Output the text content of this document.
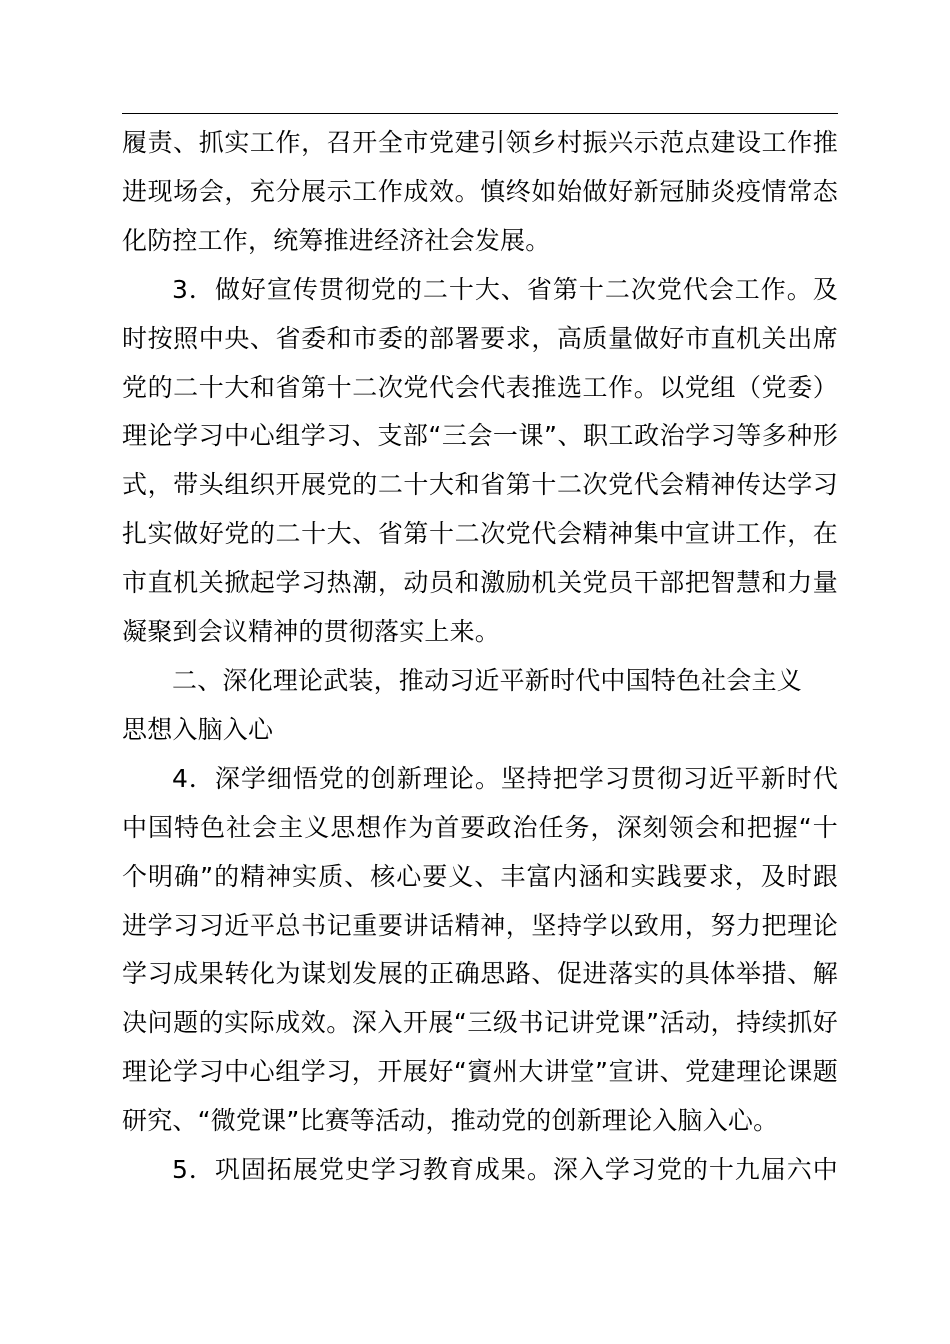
履责、抓实工作，召开全市党建引领乡村振兴示范点建设工作推
进现场会，充分展示工作成效。慎终如始做好新冠肺炎疫情常态
化防控工作，统筹推进经济社会发展。

3．做好宣传贯彻党的二十大、省第十二次党代会工作。及
时按照中央、省委和市委的部署要求，高质量做好市直机关出席
党的二十大和省第十二次党代会代表推选工作。以党组（党委）
理论学习中心组学习、支部“三会一课”、职工政治学习等多种形
式，带头组织开展党的二十大和省第十二次党代会精神传达学习
扎实做好党的二十大、省第十二次党代会精神集中宣讲工作，在
市直机关掀起学习热潮，动员和激励机关党员干部把智慧和力量
凝聚到会议精神的贯彻落实上来。

二、深化理论武装，推动习近平新时代中国特色社会主义
思想入脑入心

4．深学细悟党的创新理论。坚持把学习贯彻习近平新时代
中国特色社会主义思想作为首要政治任务，深刻领会和把握“十
个明确”的精神实质、核心要义、丰富内涵和实践要求，及时跟
进学习习近平总书记重要讲话精神，坚持学以致用，努力把理论
学习成果转化为谋划发展的正确思路、促进落实的具体举措、解
决问题的实际成效。深入开展“三级书记讲党课”活动，持续抓好
理论学习中心组学习，开展好“賨州大讲堂”宣讲、党建理论课题
研究、“微党课”比赛等活动，推动党的创新理论入脑入心。

5．巩固拓展党史学习教育成果。深入学习党的十九届六中
